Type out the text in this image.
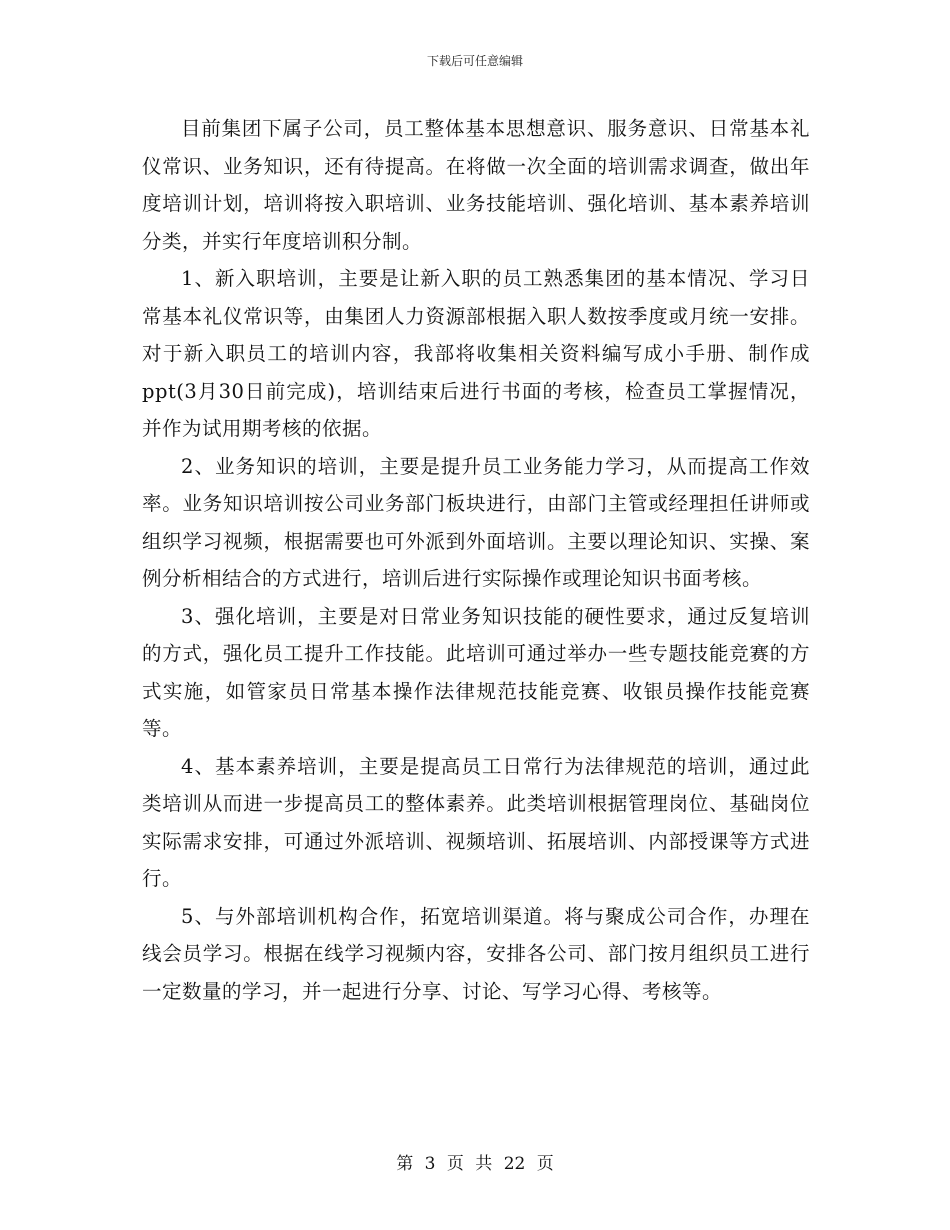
下载后可任意编辑

目前集团下属子公司，员工整体基本思想意识、服务意识、日常基本礼仪常识、业务知识，还有待提高。在将做一次全面的培训需求调查，做出年度培训计划，培训将按入职培训、业务技能培训、强化培训、基本素养培训分类，并实行年度培训积分制。

1、新入职培训，主要是让新入职的员工熟悉集团的基本情况、学习日常基本礼仪常识等，由集团人力资源部根据入职人数按季度或月统一安排。对于新入职员工的培训内容，我部将收集相关资料编写成小手册、制作成ppt(3月30日前完成)，培训结束后进行书面的考核，检查员工掌握情况，并作为试用期考核的依据。

2、业务知识的培训，主要是提升员工业务能力学习，从而提高工作效率。业务知识培训按公司业务部门板块进行，由部门主管或经理担任讲师或组织学习视频，根据需要也可外派到外面培训。主要以理论知识、实操、案例分析相结合的方式进行，培训后进行实际操作或理论知识书面考核。

3、强化培训，主要是对日常业务知识技能的硬性要求，通过反复培训的方式，强化员工提升工作技能。此培训可通过举办一些专题技能竞赛的方式实施，如管家员日常基本操作法律规范技能竞赛、收银员操作技能竞赛等。

4、基本素养培训，主要是提高员工日常行为法律规范的培训，通过此类培训从而进一步提高员工的整体素养。此类培训根据管理岗位、基础岗位实际需求安排，可通过外派培训、视频培训、拓展培训、内部授课等方式进行。

5、与外部培训机构合作，拓宽培训渠道。将与聚成公司合作，办理在线会员学习。根据在线学习视频内容，安排各公司、部门按月组织员工进行一定数量的学习，并一起进行分享、讨论、写学习心得、考核等。

第 3 页 共 22 页
